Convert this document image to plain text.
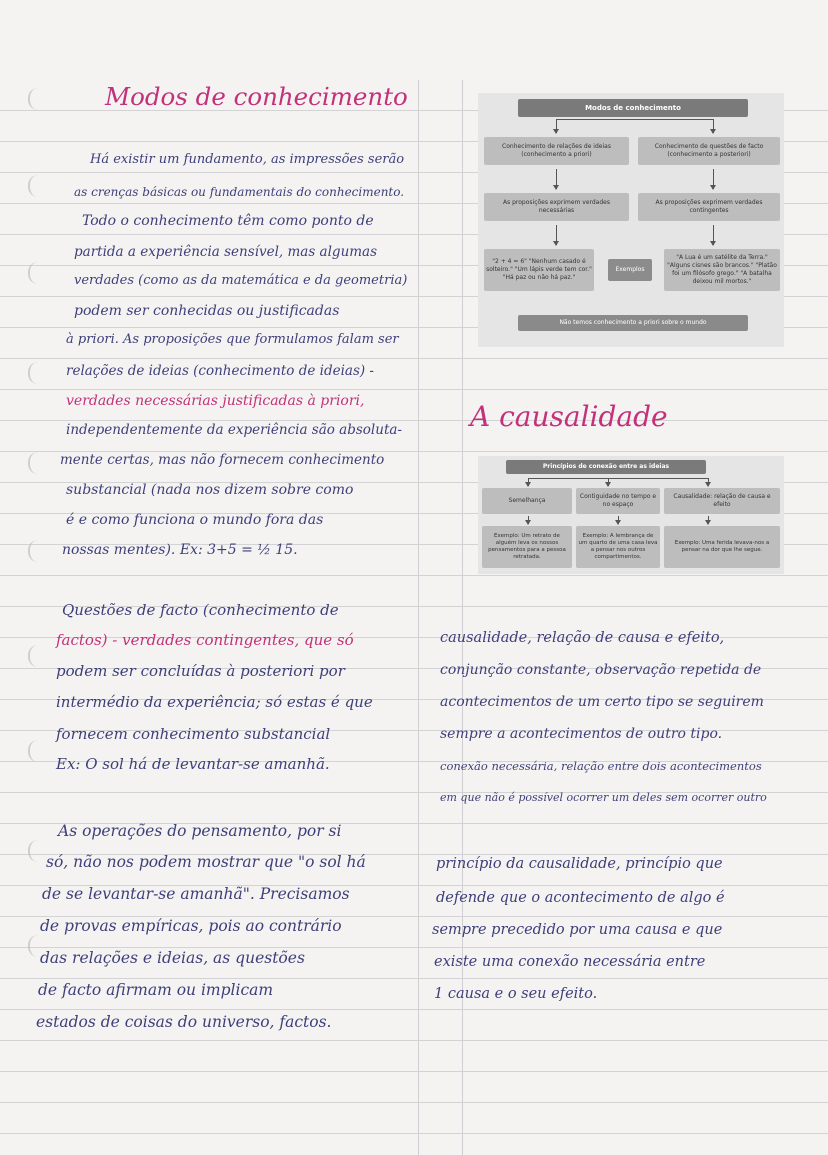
Modos de conhecimento
Há existir um fundamento, as impressões serão
as crenças básicas ou fundamentais do conhecimento.
Todo o conhecimento têm como ponto de
partida a experiência sensível, mas algumas
verdades (como as da matemática e da geometria)
podem ser conhecidas ou justificadas
à priori. As proposições que formulamos falam ser
relações de ideias (conhecimento de ideias) -
verdades necessárias justificadas à priori,
independentemente da experiência são absoluta-
mente certas, mas não fornecem conhecimento
substancial (nada nos dizem sobre como
é e como funciona o mundo fora das
nossas mentes). Ex: 3+5 = ½ 15.
Questões de facto (conhecimento de
factos) - verdades contingentes, que só
podem ser concluídas à posteriori por
intermédio da experiência; só estas é que
fornecem conhecimento substancial
Ex: O sol há de levantar-se amanhã.
As operações do pensamento, por si
só, não nos podem mostrar que "o sol há
de se levantar-se amanhã". Precisamos
de provas empíricas, pois ao contrário
das relações e ideias, as questões
de facto afirmam ou implicam
estados de coisas do universo, factos.
Modos de conhecimento
Conhecimento de relações de ideias (conhecimento a priori)
Conhecimento de questões de facto (conhecimento a posteriori)
As proposições exprimem verdades necessárias
As proposições exprimem verdades contingentes
"2 + 4 = 6" "Nenhum casado é solteiro." "Um lápis verde tem cor." "Há paz ou não há paz."
Exemplos
"A Lua é um satélite da Terra." "Alguns cisnes são brancos." "Platão foi um filósofo grego." "A batalha deixou mil mortos."
Não temos conhecimento a priori sobre o mundo
A causalidade
Princípios de conexão entre as ideias
Semelhança
Contiguidade no tempo e no espaço
Causalidade: relação de causa e efeito
Exemplo: Um retrato de alguém leva os nossos pensamentos para a pessoa retratada.
Exemplo: A lembrança de um quarto de uma casa leva a pensar nos outros compartimentos.
Exemplo: Uma ferida levava-nos a pensar na dor que lhe segue.
causalidade, relação de causa e efeito,
conjunção constante, observação repetida de
acontecimentos de um certo tipo se seguirem
sempre a acontecimentos de outro tipo.
conexão necessária, relação entre dois acontecimentos
em que não é possível ocorrer um deles sem ocorrer outro
princípio da causalidade, princípio que
defende que o acontecimento de algo é
sempre precedido por uma causa e que
existe uma conexão necessária entre
1 causa e o seu efeito.
